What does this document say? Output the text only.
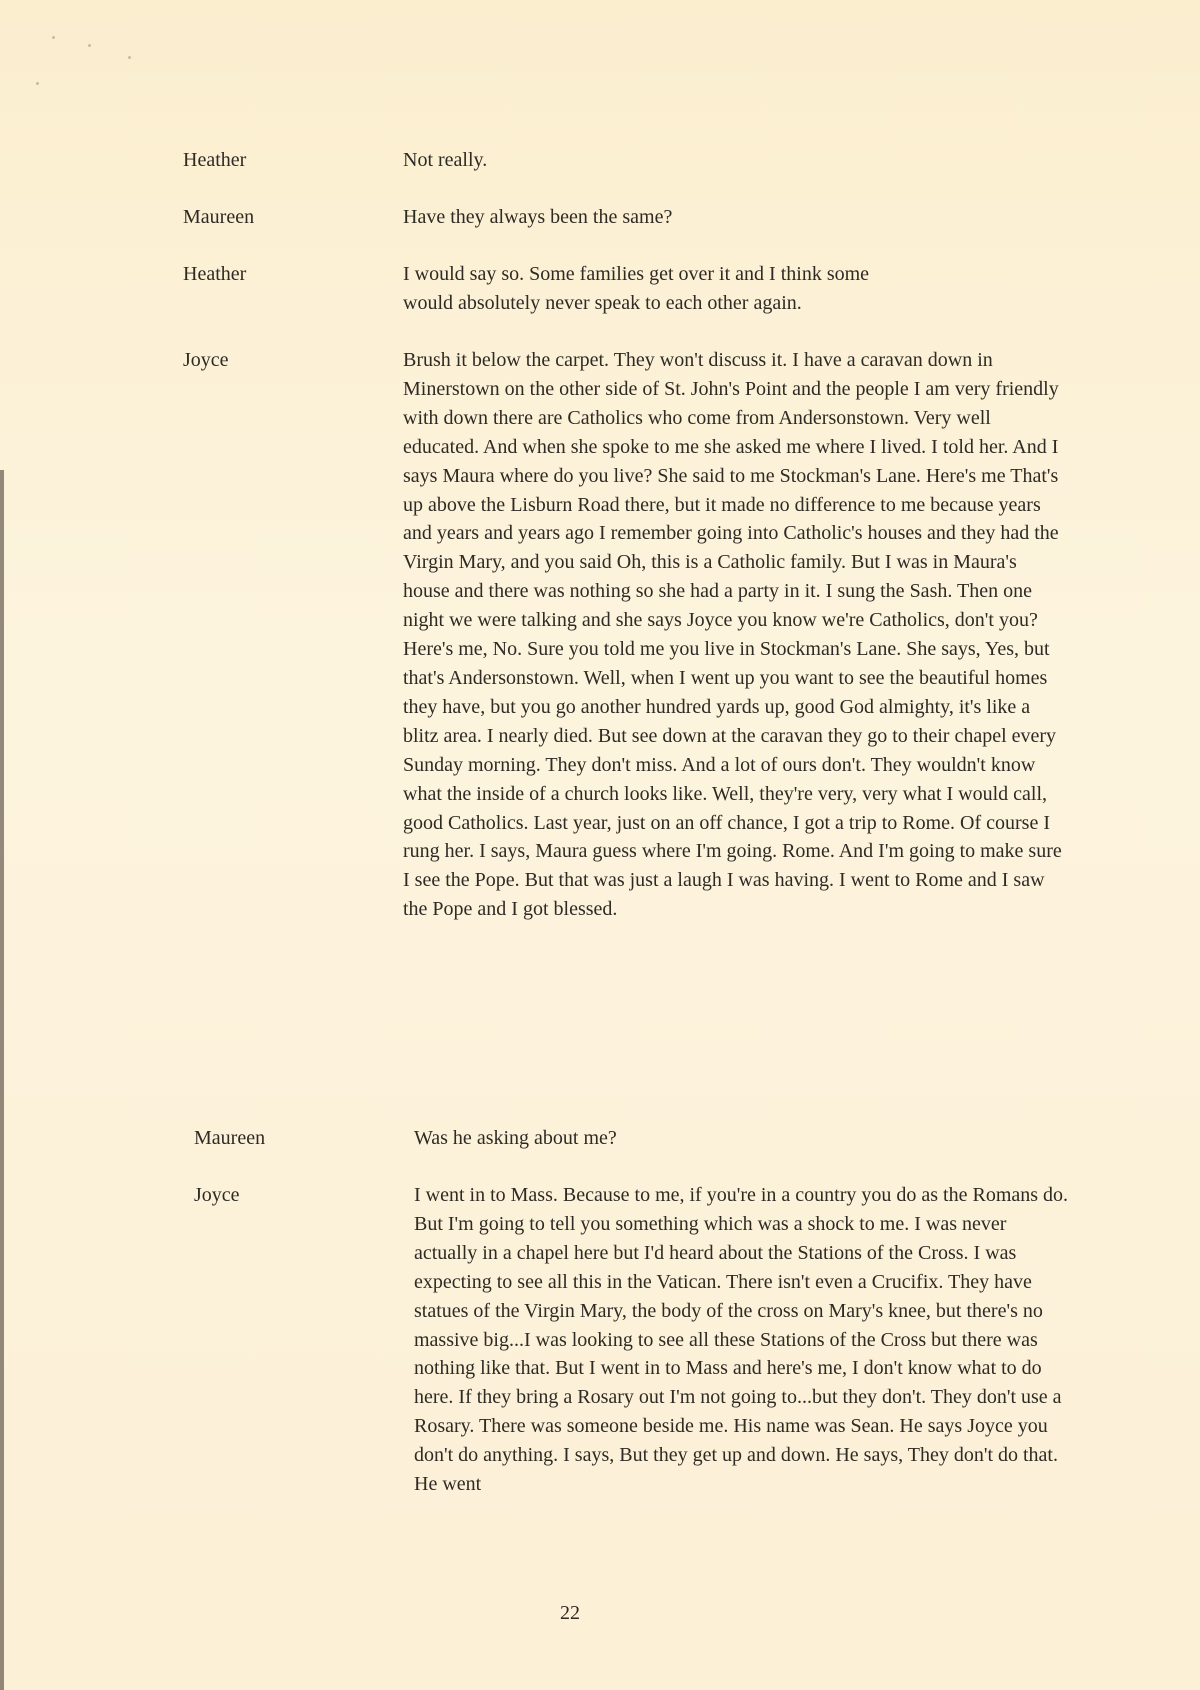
Heather	Not really.
Maureen	Have they always been the same?
Heather	I would say so. Some families get over it and I think some would absolutely never speak to each other again.
Joyce	Brush it below the carpet. They won't discuss it. I have a caravan down in Minerstown on the other side of St. John's Point and the people I am very friendly with down there are Catholics who come from Andersonstown. Very well educated. And when she spoke to me she asked me where I lived. I told her. And I says Maura where do you live? She said to me Stockman's Lane. Here's me That's up above the Lisburn Road there, but it made no difference to me because years and years and years ago I remember going into Catholic's houses and they had the Virgin Mary, and you said Oh, this is a Catholic family. But I was in Maura's house and there was nothing so she had a party in it. I sung the Sash. Then one night we were talking and she says Joyce you know we're Catholics, don't you? Here's me, No. Sure you told me you live in Stockman's Lane. She says, Yes, but that's Andersonstown. Well, when I went up you want to see the beautiful homes they have, but you go another hundred yards up, good God almighty, it's like a blitz area. I nearly died. But see down at the caravan they go to their chapel every Sunday morning. They don't miss. And a lot of ours don't. They wouldn't know what the inside of a church looks like. Well, they're very, very what I would call, good Catholics. Last year, just on an off chance, I got a trip to Rome. Of course I rung her. I says, Maura guess where I'm going. Rome. And I'm going to make sure I see the Pope. But that was just a laugh I was having. I went to Rome and I saw the Pope and I got blessed.
Maureen	Was he asking about me?
Joyce	I went in to Mass. Because to me, if you're in a country you do as the Romans do. But I'm going to tell you something which was a shock to me. I was never actually in a chapel here but I'd heard about the Stations of the Cross. I was expecting to see all this in the Vatican. There isn't even a Crucifix. They have statues of the Virgin Mary, the body of the cross on Mary's knee, but there's no massive big...I was looking to see all these Stations of the Cross but there was nothing like that. But I went in to Mass and here's me, I don't know what to do here. If they bring a Rosary out I'm not going to...but they don't. They don't use a Rosary. There was someone beside me. His name was Sean. He says Joyce you don't do anything. I says, But they get up and down. He says, They don't do that. He went
22
